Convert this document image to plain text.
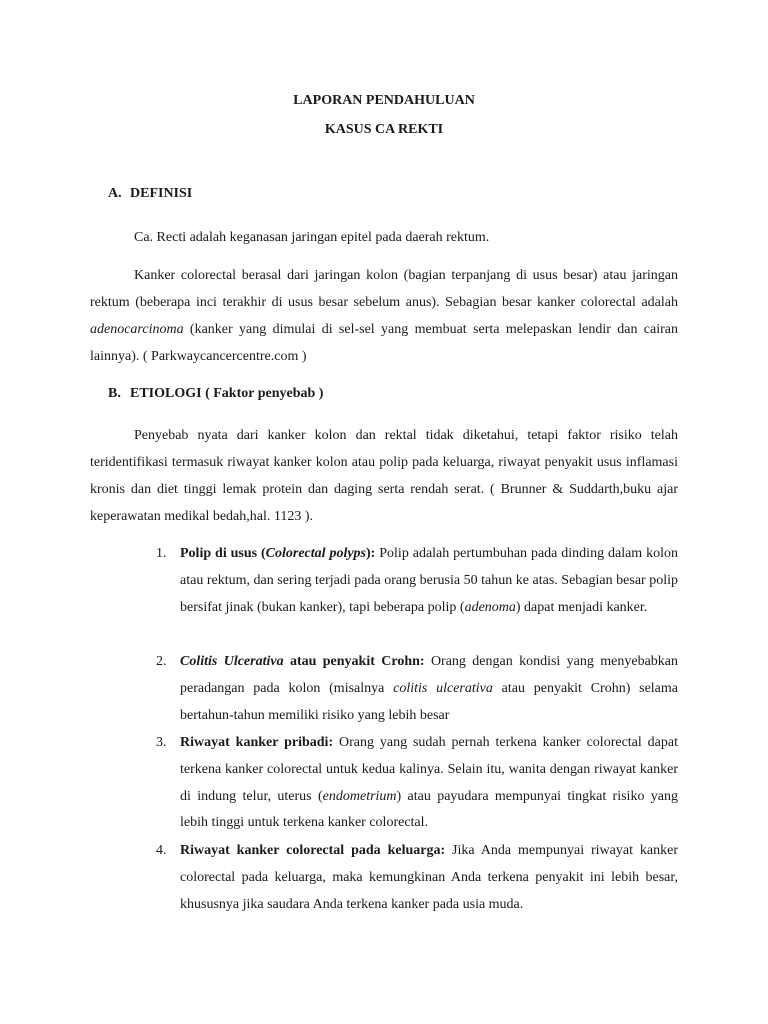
LAPORAN PENDAHULUAN
KASUS CA REKTI
A. DEFINISI
Ca. Recti adalah keganasan jaringan epitel pada daerah rektum.
Kanker colorectal berasal dari jaringan kolon (bagian terpanjang di usus besar) atau jaringan rektum (beberapa inci terakhir di usus besar sebelum anus). Sebagian besar kanker colorectal adalah adenocarcinoma (kanker yang dimulai di sel-sel yang membuat serta melepaskan lendir dan cairan lainnya). ( Parkwaycancercentre.com )
B. ETIOLOGI ( Faktor penyebab )
Penyebab nyata dari kanker kolon dan rektal tidak diketahui, tetapi faktor risiko telah teridentifikasi termasuk riwayat kanker kolon atau polip pada keluarga, riwayat penyakit usus inflamasi kronis dan diet tinggi lemak protein dan daging serta rendah serat. ( Brunner & Suddarth,buku ajar keperawatan medikal bedah,hal. 1123 ).
1. Polip di usus (Colorectal polyps): Polip adalah pertumbuhan pada dinding dalam kolon atau rektum, dan sering terjadi pada orang berusia 50 tahun ke atas. Sebagian besar polip bersifat jinak (bukan kanker), tapi beberapa polip (adenoma) dapat menjadi kanker.
2. Colitis Ulcerativa atau penyakit Crohn: Orang dengan kondisi yang menyebabkan peradangan pada kolon (misalnya colitis ulcerativa atau penyakit Crohn) selama bertahun-tahun memiliki risiko yang lebih besar
3. Riwayat kanker pribadi: Orang yang sudah pernah terkena kanker colorectal dapat terkena kanker colorectal untuk kedua kalinya. Selain itu, wanita dengan riwayat kanker di indung telur, uterus (endometrium) atau payudara mempunyai tingkat risiko yang lebih tinggi untuk terkena kanker colorectal.
4. Riwayat kanker colorectal pada keluarga: Jika Anda mempunyai riwayat kanker colorectal pada keluarga, maka kemungkinan Anda terkena penyakit ini lebih besar, khususnya jika saudara Anda terkena kanker pada usia muda.
